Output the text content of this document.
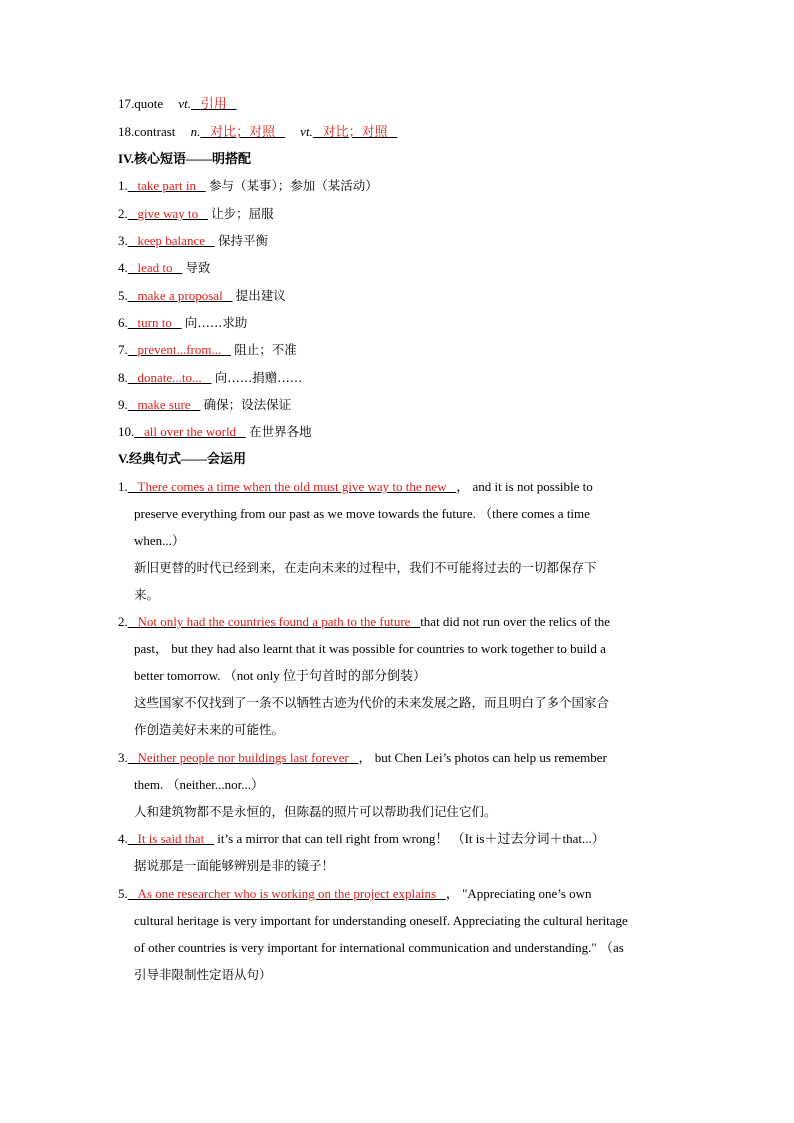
17.quote vt. 引用
18.contrast n. 对比；对照 vt. 对比；对照
IV.核心短语——明搭配
1. take part in 参与（某事）；参加（某活动）
2. give way to 让步；屈服
3. keep balance 保持平衡
4. lead to 导致
5. make a proposal 提出建议
6. turn to 向……求助
7. prevent...from... 阻止；不准
8. donate...to... 向……捐赠……
9. make sure 确保；设法保证
10. all over the world 在世界各地
V.经典句式——会运用
1. There comes a time when the old must give way to the new ， and it is not possible to
preserve everything from our past as we move towards the future. （there comes a time
when...）
新旧更替的时代已经到来，在走向未来的过程中，我们不可能将过去的一切都保存下
来。
2. Not only had the countries found a path to the future that did not run over the relics of the
past， but they had also learnt that it was possible for countries to work together to build a
better tomorrow. （not only 位于句首时的部分倒装）
这些国家不仅找到了一条不以牺牲古迹为代价的未来发展之路，而且明白了多个国家合
作创造美好未来的可能性。
3. Neither people nor buildings last forever ， but Chen Lei’s photos can help us remember
them. （neither...nor...）
人和建筑物都不是永恒的，但陈磊的照片可以帮助我们记住它们。
4. It is said that    it’s a mirror that can tell right from wrong！ （It is＋过去分词＋that...）
据说那是一面能够辨别是非的镜子！
5. As one researcher who is working on the project explains ， "Appreciating one’s own
cultural heritage is very important for understanding oneself. Appreciating the cultural heritage
of other countries is very important for international communication and understanding." （as
引导非限制性定语从句）
